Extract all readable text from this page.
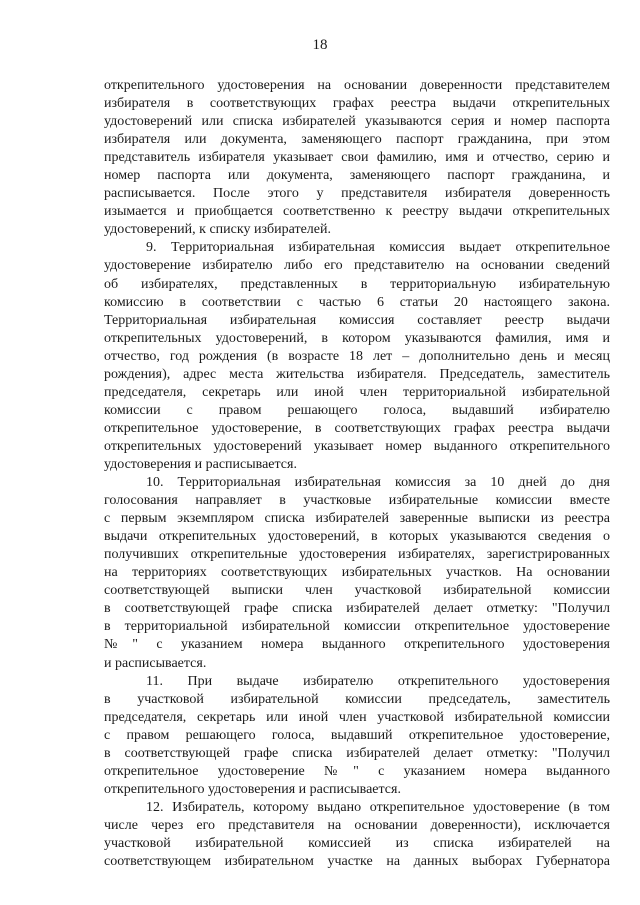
18
открепительного удостоверения на основании доверенности представителем
избирателя в соответствующих графах реестра выдачи открепительных
удостоверений или списка избирателей указываются серия и номер паспорта
избирателя или документа, заменяющего паспорт гражданина, при этом
представитель избирателя указывает свои фамилию, имя и отчество, серию и
номер паспорта или документа, заменяющего паспорт гражданина, и
расписывается. После этого у представителя избирателя доверенность
изымается и приобщается соответственно к реестру выдачи открепительных
удостоверений, к списку избирателей.
9. Территориальная избирательная комиссия выдает открепительное
удостоверение избирателю либо его представителю на основании сведений
об избирателях, представленных в территориальную избирательную
комиссию в соответствии с частью 6 статьи 20 настоящего закона.
Территориальная избирательная комиссия составляет реестр выдачи
открепительных удостоверений, в котором указываются фамилия, имя и
отчество, год рождения (в возрасте 18 лет – дополнительно день и месяц
рождения), адрес места жительства избирателя. Председатель, заместитель
председателя, секретарь или иной член территориальной избирательной
комиссии с правом решающего голоса, выдавший избирателю
открепительное удостоверение, в соответствующих графах реестра выдачи
открепительных удостоверений указывает номер выданного открепительного
удостоверения и расписывается.
10. Территориальная избирательная комиссия за 10 дней до дня
голосования направляет в участковые избирательные комиссии вместе
с первым экземпляром списка избирателей заверенные выписки из реестра
выдачи открепительных удостоверений, в которых указываются сведения о
получивших открепительные удостоверения избирателях, зарегистрированных
на территориях соответствующих избирательных участков. На основании
соответствующей выписки член участковой избирательной комиссии
в соответствующей графе списка избирателей делает отметку: "Получил
в территориальной избирательной комиссии открепительное удостоверение
№" с указанием номера выданного открепительного удостоверения
и расписывается.
11. При выдаче избирателю открепительного удостоверения
в участковой избирательной комиссии председатель, заместитель
председателя, секретарь или иной член участковой избирательной комиссии
с правом решающего голоса, выдавший открепительное удостоверение,
в соответствующей графе списка избирателей делает отметку: "Получил
открепительное удостоверение №" с указанием номера выданного
открепительного удостоверения и расписывается.
12. Избиратель, которому выдано открепительное удостоверение (в том
числе через его представителя на основании доверенности), исключается
участковой избирательной комиссией из списка избирателей на
соответствующем избирательном участке на данных выборах Губернатора
